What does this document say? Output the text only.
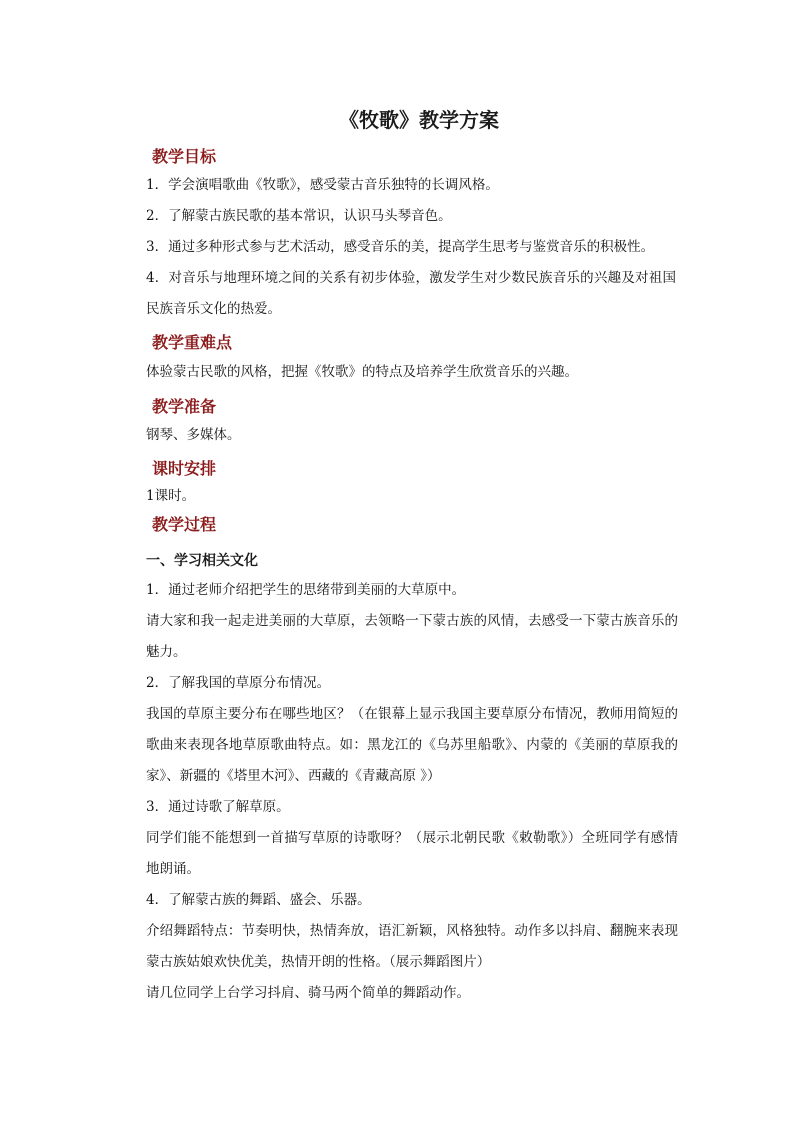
《牧歌》教学方案
教学目标
1．学会演唱歌曲《牧歌》，感受蒙古音乐独特的长调风格。
2．了解蒙古族民歌的基本常识，认识马头琴音色。
3．通过多种形式参与艺术活动，感受音乐的美，提高学生思考与鉴赏音乐的积极性。
4．对音乐与地理环境之间的关系有初步体验，激发学生对少数民族音乐的兴趣及对祖国民族音乐文化的热爱。
教学重难点
体验蒙古民歌的风格，把握《牧歌》的特点及培养学生欣赏音乐的兴趣。
教学准备
钢琴、多媒体。
课时安排
1课时。
教学过程
一、学习相关文化
1．通过老师介绍把学生的思绪带到美丽的大草原中。
请大家和我一起走进美丽的大草原，去领略一下蒙古族的风情，去感受一下蒙古族音乐的魅力。
2．了解我国的草原分布情况。
我国的草原主要分布在哪些地区？（在银幕上显示我国主要草原分布情况，教师用简短的歌曲来表现各地草原歌曲特点。如：黑龙江的《乌苏里船歌》、内蒙的《美丽的草原我的家》、新疆的《塔里木河》、西藏的《青藏高原 》）
3．通过诗歌了解草原。
同学们能不能想到一首描写草原的诗歌呀？（展示北朝民歌《敕勒歌》）全班同学有感情地朗诵。
4．了解蒙古族的舞蹈、盛会、乐器。
介绍舞蹈特点：节奏明快，热情奔放，语汇新颖，风格独特。动作多以抖肩、翻腕来表现蒙古族姑娘欢快优美，热情开朗的性格。（展示舞蹈图片）
请几位同学上台学习抖肩、骑马两个简单的舞蹈动作。
